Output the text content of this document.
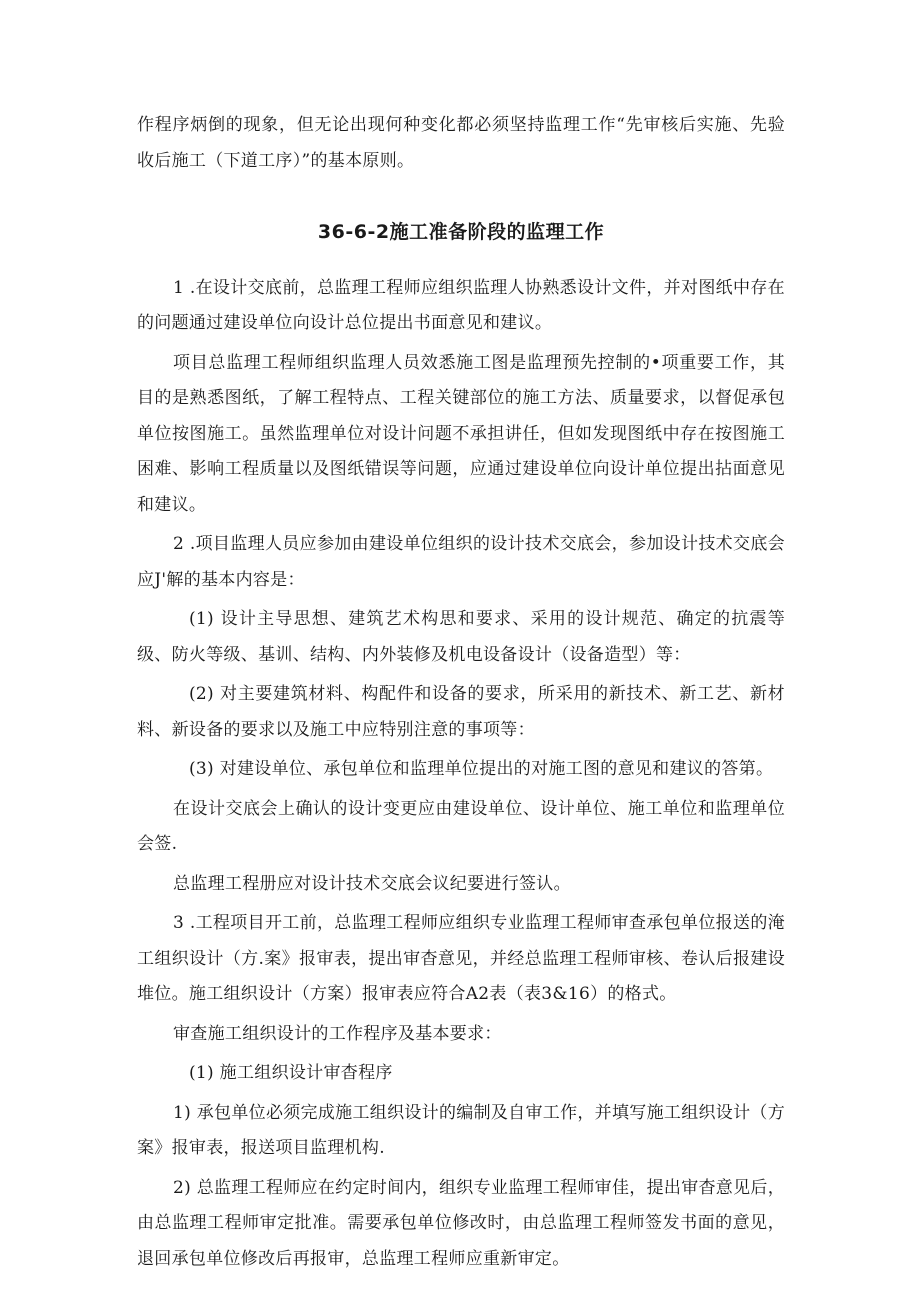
作程序炳倒的现象，但无论出现何种变化都必须坚持监理工作“先审核后实施、先验收后施工（下道工序）”的基本原则。

36-6-2施工准备阶段的监理工作

1 .在设计交底前，总监理工程师应组织监理人协熟悉设计文件，并对图纸中存在的问题通过建设单位向设计总位提出书面意见和建议。

项目总监理工程师组织监理人员效悉施工图是监理预先控制的•项重要工作，其目的是熟悉图纸，了解工程特点、工程关键部位的施工方法、质量要求，以督促承包单位按图施工。虽然监理单位对设计问题不承担讲任，但如发现图纸中存在按图施工困难、影响工程质量以及图纸错误等问题，应通过建设单位向设计单位提出拈面意见和建议。

2 .项目监理人员应参加由建设单位组织的设计技术交底会，参加设计技术交底会应J'解的基本内容是：

(1) 设计主导思想、建筑艺术构思和要求、采用的设计规范、确定的抗震等级、防火等级、基训、结构、内外装修及机电设备设计（设备造型）等：

(2) 对主要建筑材料、构配件和设备的要求，所采用的新技术、新工艺、新材料、新设备的要求以及施工中应特别注意的事项等：

(3) 对建设单位、承包单位和监理单位提出的对施工图的意见和建议的答第。

在设计交底会上确认的设计变更应由建设单位、设计单位、施工单位和监理单位会签.

总监理工程册应对设计技术交底会议纪要进行签认。

3 .工程项目开工前，总监理工程师应组织专业监理工程师审查承包单位报送的淹工组织设计（方.案》报审表，提出审杳意见，并经总监理工程师审核、卷认后报建设堆位。施工组织设计（方案）报审表应符合A2表（表3&16）的格式。

审查施工组织设计的工作程序及基本要求：

(1) 施工组织设计审杳程序

1) 承包单位必须完成施工组织设计的编制及自审工作，并填写施工组织设计（方案》报审表，报送项目监理机构.

2) 总监理工程师应在约定时间内，组织专业监理工程师审佳，提出审杳意见后，由总监理工程师审定批准。需要承包单位修改时，由总监理工程师签发书面的意见，退回承包单位修改后再报审，总监理工程师应重新审定。
